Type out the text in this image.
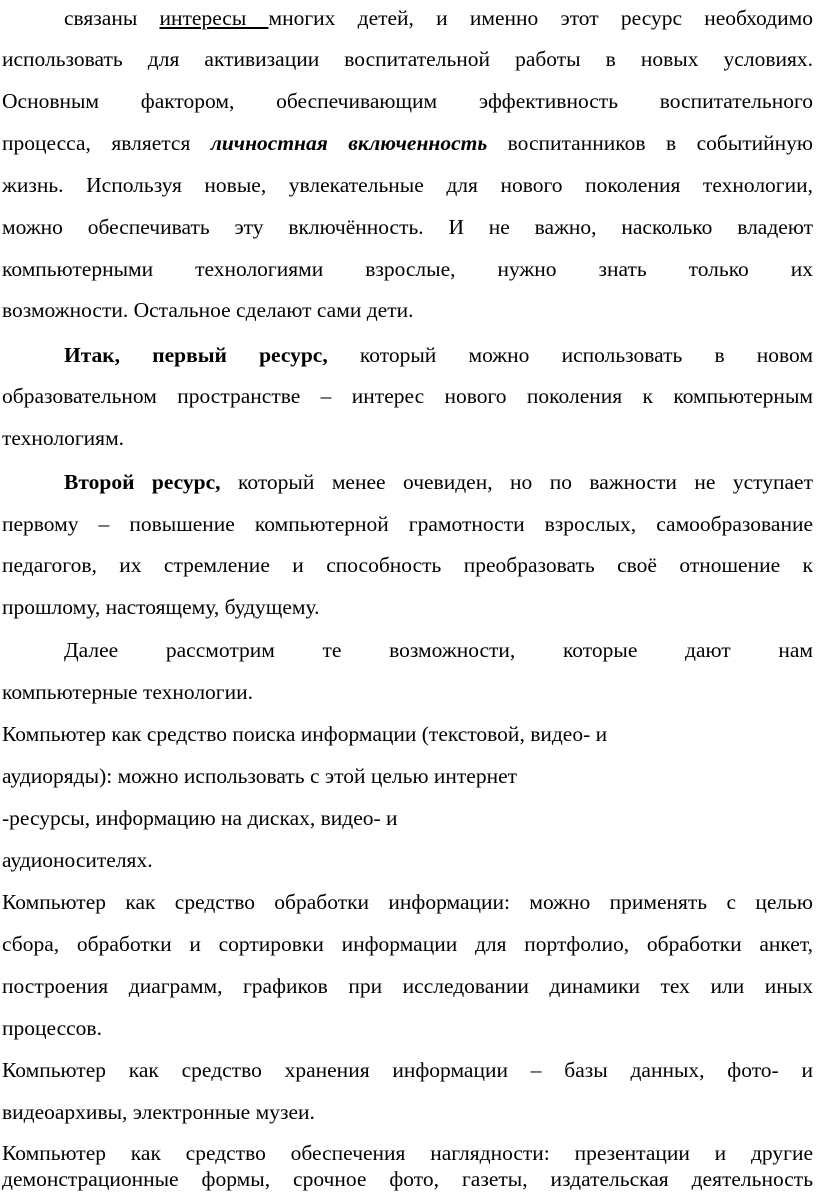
связаны интересы многих детей, и именно этот ресурс необходимо
использовать для активизации воспитательной работы в новых условиях.
Основным фактором, обеспечивающим эффективность воспитательного
процесса, является личностная включенность воспитанников в событийную
жизнь. Используя новые, увлекательные для нового поколения технологии,
можно обеспечивать эту включённость. И не важно, насколько владеют
компьютерными технологиями взрослые, нужно знать только их
возможности. Остальное сделают сами дети.
Итак, первый ресурс, который можно использовать в новом
образовательном пространстве – интерес нового поколения к компьютерным
технологиям.
Второй ресурс, который менее очевиден, но по важности не уступает
первому – повышение компьютерной грамотности взрослых, самообразование
педагогов, их стремление и способность преобразовать своё отношение к
прошлому, настоящему, будущему.
Далее рассмотрим те возможности, которые дают нам
компьютерные технологии.
Компьютер как средство поиска информации (текстовой, видео- и
аудиоряды): можно использовать с этой целью интернет
-ресурсы, информацию на дисках, видео- и
аудионосителях.
Компьютер как средство обработки информации: можно применять с целью
сбора, обработки и сортировки информации для портфолио, обработки анкет,
построения диаграмм, графиков при исследовании динамики тех или иных
процессов.
Компьютер как средство хранения информации – базы данных, фото- и
видеоархивы, электронные музеи.
Компьютер как средство обеспечения наглядности: презентации и другие
демонстрационные формы, срочное фото, газеты, издательская деятельность
